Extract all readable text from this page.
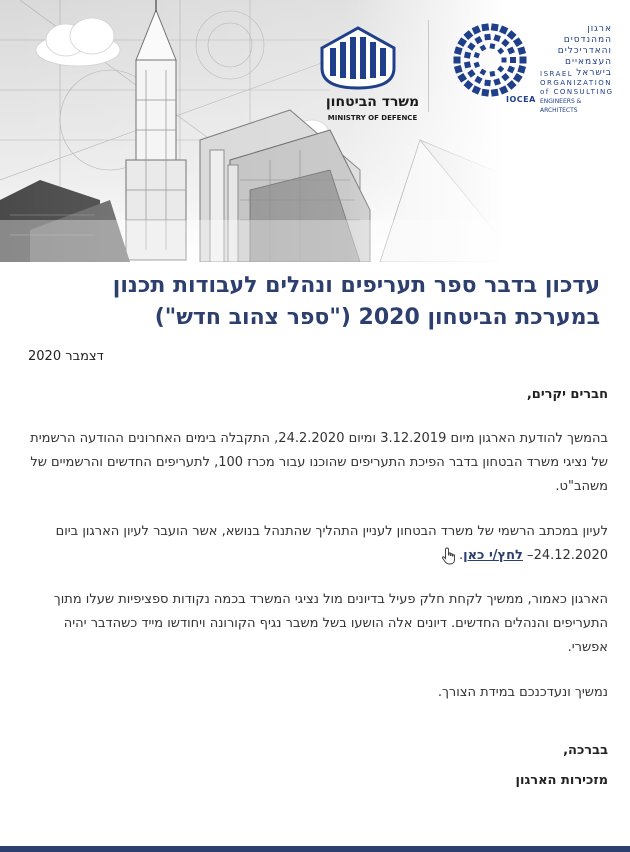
משרד הביטחון
MINISTRY OF DEFENCE
IOCEA
ארגון המהנדסים
והאדריכלים
העצמאיים
בישראל
ISRAEL
ORGANIZATION
of CONSULTING
ENGINEERS & ARCHITECTS
עדכון בדבר ספר תעריפים ונהלים לעבודות תכנון
במערכת הביטחון 2020 ("ספר צהוב חדש")
דצמבר 2020
חברים יקרים,

בהמשך להודעת הארגון מיום 3.12.2019 ומיום 24.2.2020, התקבלה בימים האחרונים ההודעה הרשמית של נציגי משרד הבטחון בדבר הפיכת התעריפים שהוכנו עבור מכרז 100, לתעריפים החדשים והרשמיים של משהב"ט.

לעיון במכתב הרשמי של משרד הבטחון לעניין התהליך שהתנהל בנושא, אשר הועבר לעיון הארגון ביום 24.12.2020– לחץ/י כאן.

הארגון כאמור, ממשיך לקחת חלק פעיל בדיונים מול נציגי המשרד בכמה נקודות ספציפיות שעלו מתוך התעריפים והנהלים החדשים. דיונים אלה הושעו בשל משבר נגיף הקורונה ויחודשו מייד כשהדבר יהיה אפשרי.

נמשיך ונעדכנכם במידת הצורך.

בברכה,
מזכירות הארגון
